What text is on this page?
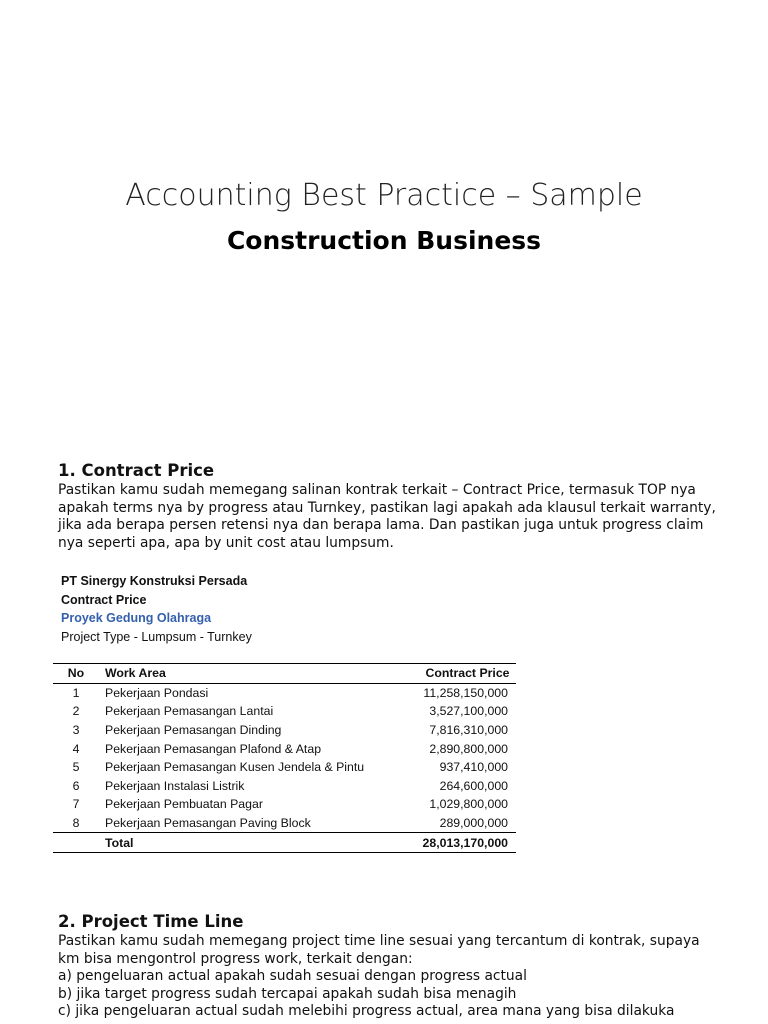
Accounting Best Practice – Sample
Construction Business
1. Contract Price

Pastikan kamu sudah memegang salinan kontrak terkait – Contract Price, termasuk TOP nya

apakah terms nya by progress atau Turnkey, pastikan lagi apakah ada klausul terkait warranty,

jika ada berapa persen retensi nya dan berapa lama. Dan pastikan juga untuk progress claim

nya seperti apa, apa by unit cost atau lumpsum.

PT Sinergy Konstruksi Persada
Contract Price
Proyek Gedung Olahraga
Project Type - Lumpsum - Turnkey
No	Work Area	Contract Price
1	Pekerjaan Pondasi	11,258,150,000
2	Pekerjaan Pemasangan Lantai	3,527,100,000
3	Pekerjaan Pemasangan Dinding	7,816,310,000
4	Pekerjaan Pemasangan Plafond & Atap	2,890,800,000
5	Pekerjaan Pemasangan Kusen Jendela & Pintu	937,410,000
6	Pekerjaan Instalasi Listrik	264,600,000
7	Pekerjaan Pembuatan Pagar	1,029,800,000
8	Pekerjaan Pemasangan Paving Block	289,000,000
	Total	28,013,170,000
2. Project Time Line

Pastikan kamu sudah memegang project time line sesuai yang tercantum di kontrak, supaya

km bisa mengontrol progress work, terkait dengan:

a) pengeluaran actual apakah sudah sesuai dengan progress actual

b) jika target progress sudah tercapai apakah sudah bisa menagih

c) jika pengeluaran actual sudah melebihi progress actual, area mana yang bisa dilakuka
